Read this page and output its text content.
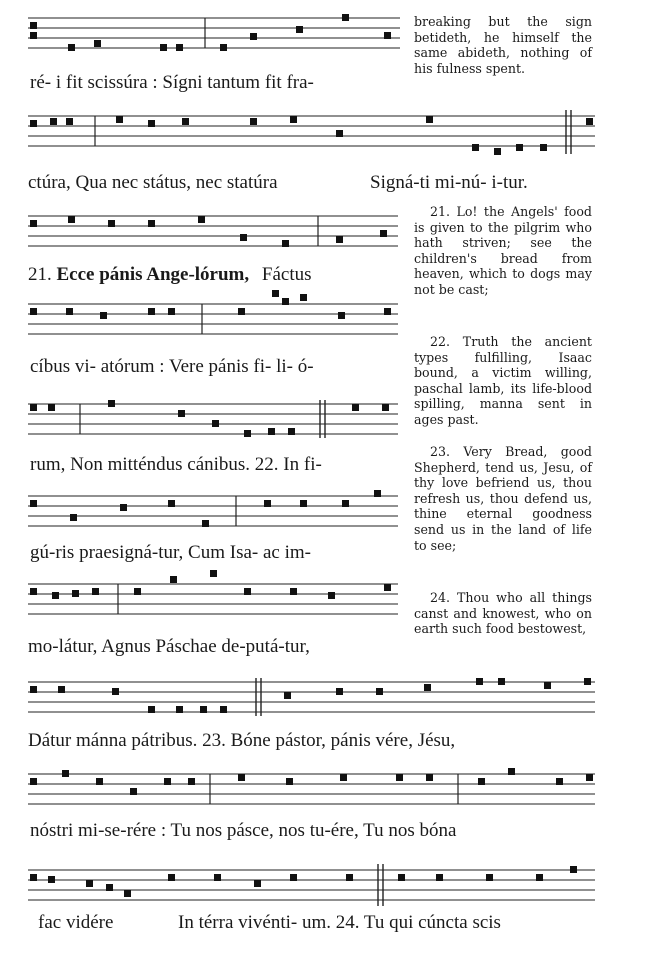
ré- i fit scissúra : Sígni tantum fit fra-
ctúra, Qua nec státus, nec statúra	Signá-ti mi-nú- i-tur.
21. Ecce pánis Ange-lórum, Fáctus
cíbus vi- atórum : Vere pánis fi- li- ó-
rum, Non mitténdus cánibus. 22. In fi-
gú-ris praesigná-tur, Cum Isa- ac im-
mo-látur, Agnus Páschae de-putá-tur,
Dátur mánna pátribus. 23. Bóne pástor, pánis vére, Jésu,
nóstri mi-se-rére : Tu nos pásce, nos tu-ére, Tu nos bóna
fac vidére	In térra vivénti- um. 24. Tu qui cúncta scis

breaking but the sign betideth, he himself the same abideth, nothing of his fulness spent.

21. Lo! the Angels' food is given to the pilgrim who hath striven; see the children's bread from heaven, which to dogs may not be cast;

22. Truth the ancient types fulfilling, Isaac bound, a victim willing, paschal lamb, its life-blood spilling, manna sent in ages past.

23. Very Bread, good Shepherd, tend us, Jesu, of thy love befriend us, thou refresh us, thou defend us, thine eternal goodness send us in the land of life to see;

24. Thou who all things canst and knowest, who on earth such food bestowest,
